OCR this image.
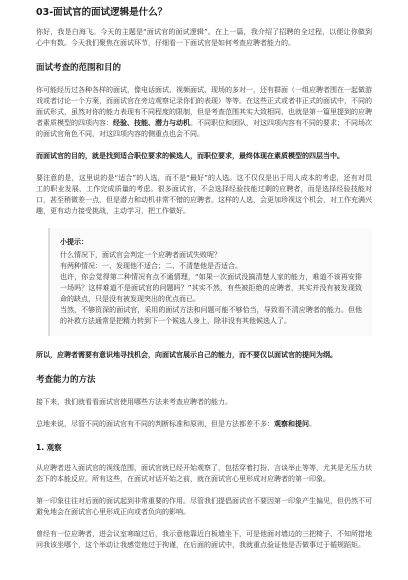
03-面试官的面试逻辑是什么？

你好，我是白海飞。今天的主题是“面试官的面试逻辑”。在上一篇，我介绍了招聘的全过程，以便让你做到心中有数。今天我们聚焦在面试环节，仔细看一下面试官是如何考查应聘者能力的。

面试考查的范围和目的

你可能经历过各种各样的面试，像电话面试、视频面试、现场的多对一，还有群面（一组应聘者围在一起做游戏或者讨论一个方案，而面试官在旁边观察记录你们的表现）等等。在这些正式或者非正式的面试中，不同的面试形式，虽然对你的能力表现有不同程度的限制，但是考查范围其实大致相同，也就是第一篇里提到的应聘者素质模型的四项内容：经验、技能、潜力与动机。不同职位和团队，对这四项内容有不同的要求；不同场次的面试官角色不同，对这四项内容的侧重点也会不同。

而面试官的目的，就是找到适合职位要求的候选人，而职位要求，最终体现在素质模型的四层当中。

要注意的是，这里说的是“适合”的人选，而不是“最好”的人选。这不仅仅是出于用人成本的考虑，还有对员工的职业发展、工作完成质量的考虑。很多面试官，不会选择经验技能过剩的应聘者，而是选择经验技能对口，甚至稍微差一点，但是潜力和动机非常不错的应聘者。这样的人选，会更加珍视这个机会，对工作充满兴趣，更有动力接受挑战，主动学习，把工作做好。

小提示：

什么情况下，面试官会判定一个应聘者面试失败呢？

有两种情况：一、发现他不适合；二、不清楚他是否适合。

也许，你会觉得第二种情况有点不通情理，“如果一次面试没搞清楚人家的能力，难道不该再安排一场吗？这样难道不是面试官的问题吗？”其实不然，有些被拒绝的应聘者，其实并没有被发现致命的缺点，只是没有被发现突出的优点而已。

当然，不够资深的面试官，采用的面试方法和问题可能不够恰当，导致看不清应聘者的能力。但他的补救方法通常是把精力转到下一个候选人身上，除非没有其他候选人了。

所以，应聘者需要有意识地寻找机会，向面试官展示自己的能力，而不要仅以面试官的提问为纲。

考查能力的方法

接下来，我们就看看面试官使用哪些方法来考查应聘者的能力。

总地来说，尽管不同的面试官有不同的判断标准和原则，但是方法都差不多：观察和提问。

1. 观察

从应聘者进入面试官的视线范围，面试官就已经开始观察了，包括穿着打扮、言谈举止等等，尤其是无压力状态下的本能反应。所有这些，在面试对话开始之前，就在面试官心里形成对应聘者的第一印象。

第一印象往往对后面的面试起到非常重要的作用。尽管我们提倡面试官不要因第一印象产生偏见，但仍然不可避免地会在面试官心里形成正向或者负向的影响。

曾经有一位应聘者，进会议室寒暄过后，我示意他靠近白板墙坐下，可是他面对墙边的三把椅子，不知所措地问我该坐哪个，这个举动让我感觉他过于拘谨，在后面的面试中，我就重点验证他是否做事过于循规蹈矩。
